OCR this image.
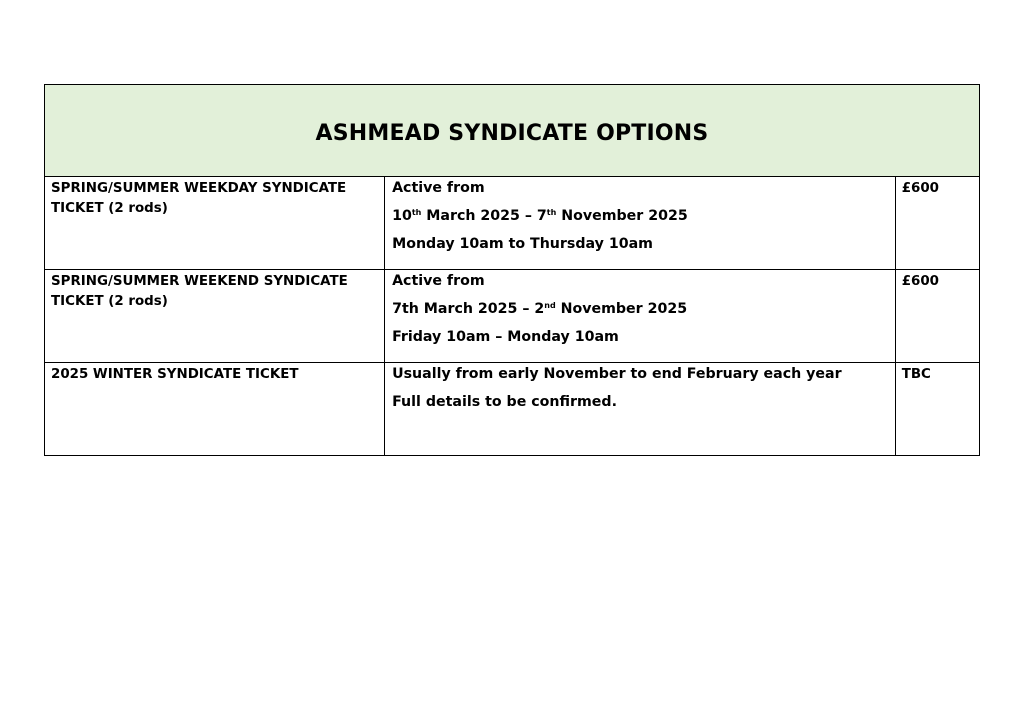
ASHMEAD SYNDICATE OPTIONS		

SPRING/SUMMER WEEKDAY SYNDICATE TICKET (2 rods)	Active from

10th March 2025 – 7th November 2025

Monday 10am to Thursday 10am	£600

SPRING/SUMMER WEEKEND SYNDICATE TICKET (2 rods)	Active from

7th March 2025 – 2nd November 2025

Friday 10am – Monday 10am	£600

2025 WINTER SYNDICATE TICKET	Usually from early November to end February each year

Full details to be confirmed.	TBC
